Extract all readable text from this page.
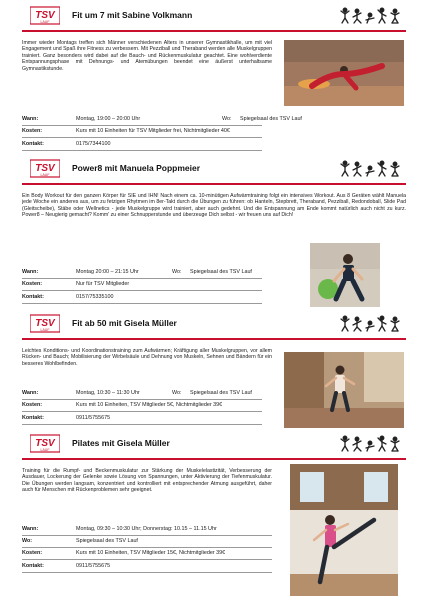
TSV
LAUF
Fit um 7 mit Sabine Volkmann
Immer wieder Montags treffen sich Männer verschiedenen Alters in unserer Gymnastikhalle, um mit viel Engagement und Spaß ihre Fitness zu verbessern. Mit Pezziball und Theraband werden alle Muskelgruppen trainiert. Ganz besonders wird dabei auf die Bauch- und Rückenmuskulatur geachtet. Eine wohlverdiente Entspannungsphase mit Dehnungs- und Atemübungen beendet eine äußerst unterhaltsame Gymnastikstunde.
Wann:	Montag, 19:00 – 20:00 Uhr	Wo: Spiegelsaal des TSV Lauf
Kosten:	Kurs mit 10 Einheiten für TSV Mitglieder frei, Nichtmitglieder 40€
Kontakt:	0175/7344100
TSV
LAUF
Power8 mit Manuela Poppmeier
Ein Body Workout für den ganzen Körper für SIE und IHN! Nach einem ca. 10-minütigen Aufwärmtraining folgt ein intensives Workout. Aus 8 Geräten wählt Manuela jede Woche ein anderes aus, um zu fetzigen Rhytmen im 8er-Takt durch die Übungen zu führen: ob Hanteln, Stepbrett, Theraband, Pezziball, Redondoball, Slide Pad (Gleitscheibe), Stäbe oder Wellnetics - jede Muskelgruppe wird trainiert, aber auch gedehnt. Und die Entspannung am Ende kommt natürlich auch nicht zu kurz. Power8 – Neugierig gemacht? Komm' zu einer Schnupperstunde und überzeuge Dich selbst - wir freuen uns auf Dich!
Wann:	Montag 20:00 – 21:15 Uhr	Wo: Spiegelsaal des TSV Lauf
Kosten:	Nur für TSV Mitglieder
Kontakt:	0157/75335100
TSV
LAUF
Fit ab 50 mit Gisela Müller
Leichtes Konditions- und Koordinationstraining zum Aufwärmen; Kräftigung aller Muskelgruppen, vor allem Rücken- und Bauch; Mobilisierung der Wirbelsäule und Dehnung von Muskeln, Sehnen und Bändern für ein besseres Wohlbefinden.
Wann:	Montag, 10:30 – 11:30 Uhr	Wo: Spiegelsaal des TSV Lauf
Kosten:	Kurs mit 10 Einheiten, TSV Mitglieder 5€, Nichtmitglieder 39€
Kontakt:	0911/5755675
TSV
LAUF
Pilates mit Gisela Müller
Training für die Rumpf- und Beckenmuskulatur zur Stärkung der Muskelelastizität, Verbesserung der Ausdauer, Lockerung der Gelenke sowie Lösung von Spannungen, unter Aktivierung der Tiefenmuskulatur. Die Übungen werden langsam, konzentriert und kontrolliert mit entsprechender Atmung ausgeführt, daher auch für Menschen mit Rückenproblemen sehr geeignet.
Wann:	Montag, 09:30 – 10:30 Uhr; Donnerstag: 10.15 – 11.15 Uhr
Wo:	Spiegelsaal des TSV Lauf
Kosten:	Kurs mit 10 Einheiten, TSV Mitglieder 15€, Nichtmitglieder 39€
Kontakt:	0911/5755675
